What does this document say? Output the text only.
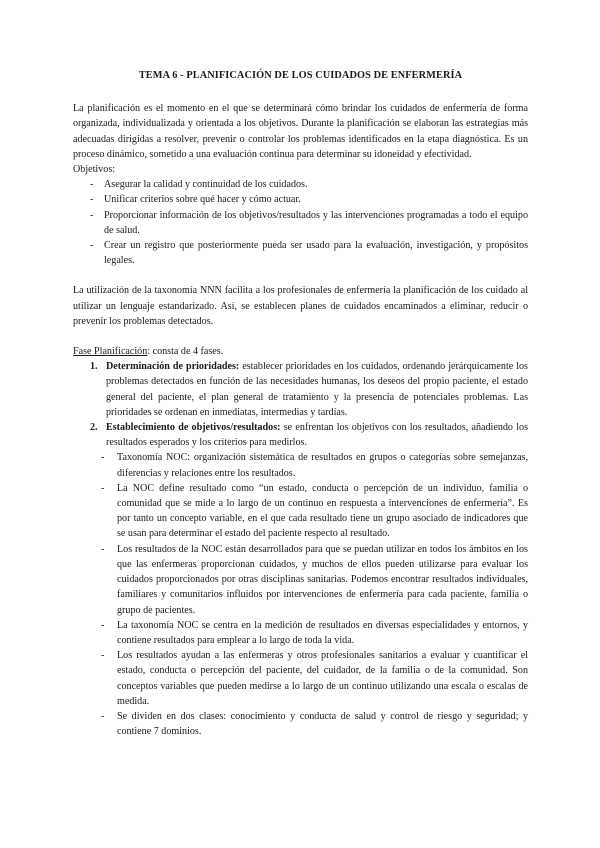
TEMA 6 - PLANIFICACIÓN DE LOS CUIDADOS DE ENFERMERÍA

La planificación es el momento en el que se determinará cómo brindar los cuidados de enfermería de forma organizada, individualizada y orientada a los objetivos. Durante la planificación se elaboran las estrategias más adecuadas dirigidas a resolver, prevenir o controlar los problemas identificados en la etapa diagnóstica. Es un proceso dinámico, sometido a una evaluación continua para determinar su idoneidad y efectividad.

Objetivos:

- Asegurar la calidad y continuidad de los cuidados.
- Unificar criterios sobre qué hacer y cómo actuar.
- Proporcionar información de los objetivos/resultados y las intervenciones programadas a todo el equipo de salud.
- Crear un registro que posteriormente pueda ser usado para la evaluación, investigación, y propósitos legales.

La utilización de la taxonomía NNN facilita a los profesionales de enfermería la planificación de los cuidado al utilizar un lenguaje estandarizado. Así, se establecen planes de cuidados encaminados a eliminar, reducir o prevenir los problemas detectados.

Fase Planificación: consta de 4 fases.

1. Determinación de prioridades: establecer prioridades en los cuidados, ordenando jerárquicamente los problemas detectados en función de las necesidades humanas, los deseos del propio paciente, el estado general del paciente, el plan general de tratamiento y la presencia de potenciales problemas. Las prioridades se ordenan en inmediatas, intermedias y tardías.
2. Establecimiento de objetivos/resultados: se enfrentan los objetivos con los resultados, añadiendo los resultados esperados y los criterios para medirlos.
- Taxonomía NOC: organización sistemática de resultados en grupos o categorías sobre semejanzas, diferencias y relaciones entre los resultados.
- La NOC define resultado como “un estado, conducta o percepción de un individuo, familia o comunidad que se mide a lo largo de un continuo en respuesta a intervenciones de enfermería”. Es por tanto un concepto variable, en el que cada resultado tiene un grupo asociado de indicadores que se usan para determinar el estado del paciente respecto al resultado.
- Los resultados de la NOC están desarrollados para que se puedan utilizar en todos los ámbitos en los que las enfermeras proporcionan cuidados, y muchos de ellos pueden utilizarse para evaluar los cuidados proporcionados por otras disciplinas sanitarias. Podemos encontrar resultados individuales, familiares y comunitarios influidos por intervenciones de enfermería para cada paciente, familia o grupo de pacientes.
- La taxonomía NOC se centra en la medición de resultados en diversas especialidades y entornos, y contiene resultados para emplear a lo largo de toda la vida.
- Los resultados ayudan a las enfermeras y otros profesionales sanitarios a evaluar y cuantificar el estado, conducta o percepción del paciente, del cuidador, de la familia o de la comunidad. Son conceptos variables que pueden medirse a lo largo de un continuo utilizando una escala o escalas de medida.
- Se dividen en dos clases: conocimiento y conducta de salud y control de riesgo y seguridad; y contiene 7 dominios.
